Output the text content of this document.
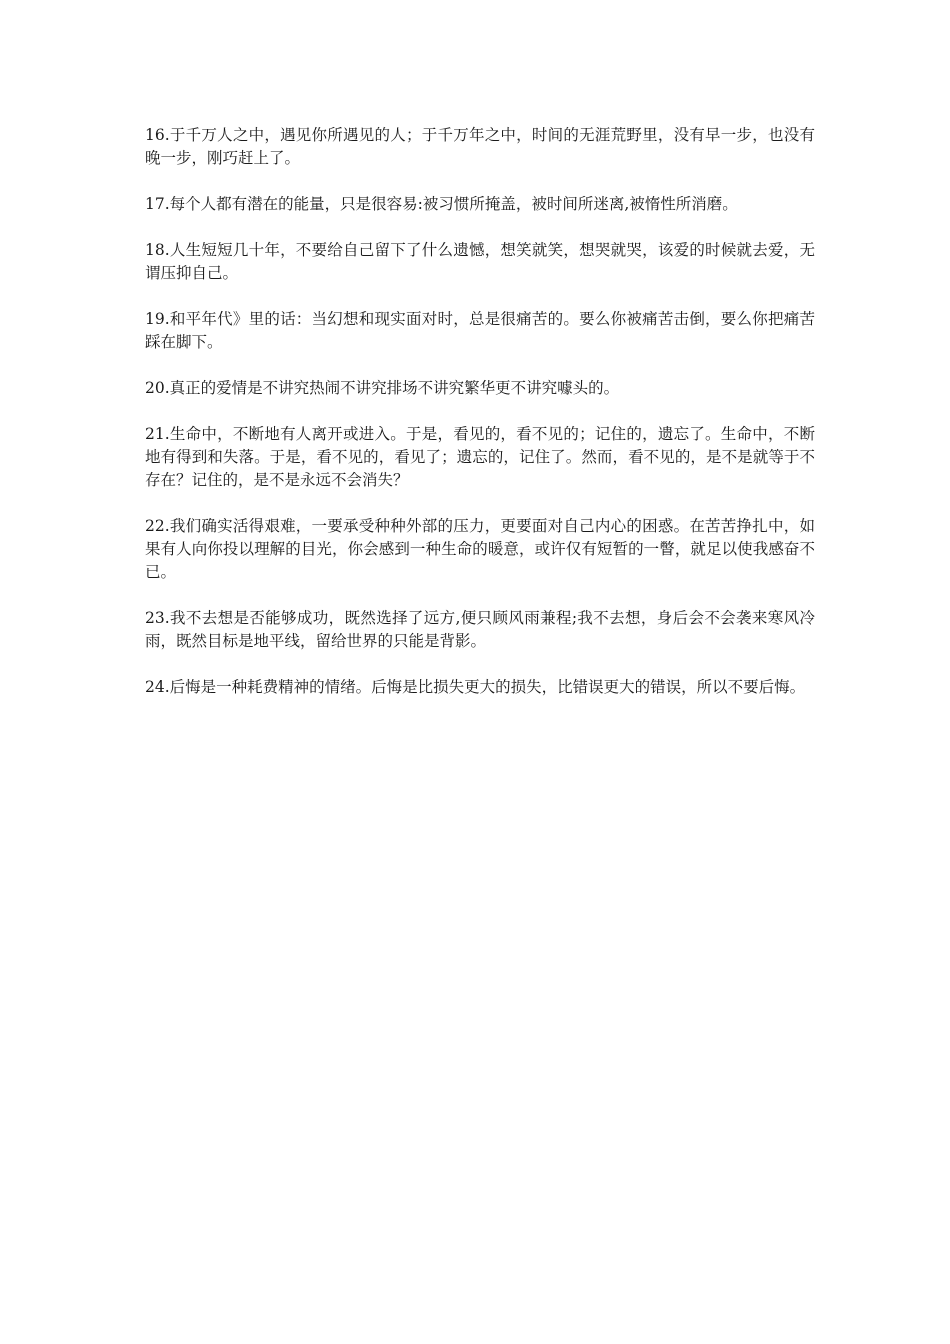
16.于千万人之中，遇见你所遇见的人；于千万年之中，时间的无涯荒野里，没有早一步，也没有晚一步，刚巧赶上了。

17.每个人都有潜在的能量，只是很容易:被习惯所掩盖，被时间所迷离,被惰性所消磨。

18.人生短短几十年，不要给自己留下了什么遗憾，想笑就笑，想哭就哭，该爱的时候就去爱，无谓压抑自己。

19.和平年代》里的话：当幻想和现实面对时，总是很痛苦的。要么你被痛苦击倒，要么你把痛苦踩在脚下。

20.真正的爱情是不讲究热闹不讲究排场不讲究繁华更不讲究噱头的。

21.生命中，不断地有人离开或进入。于是，看见的，看不见的；记住的，遗忘了。生命中，不断地有得到和失落。于是，看不见的，看见了；遗忘的，记住了。然而，看不见的，是不是就等于不存在？记住的，是不是永远不会消失？

22.我们确实活得艰难，一要承受种种外部的压力，更要面对自己内心的困惑。在苦苦挣扎中，如果有人向你投以理解的目光，你会感到一种生命的暖意，或许仅有短暂的一瞥，就足以使我感奋不已。

23.我不去想是否能够成功，既然选择了远方,便只顾风雨兼程;我不去想，身后会不会袭来寒风冷雨，既然目标是地平线，留给世界的只能是背影。

24.后悔是一种耗费精神的情绪。后悔是比损失更大的损失，比错误更大的错误，所以不要后悔。
